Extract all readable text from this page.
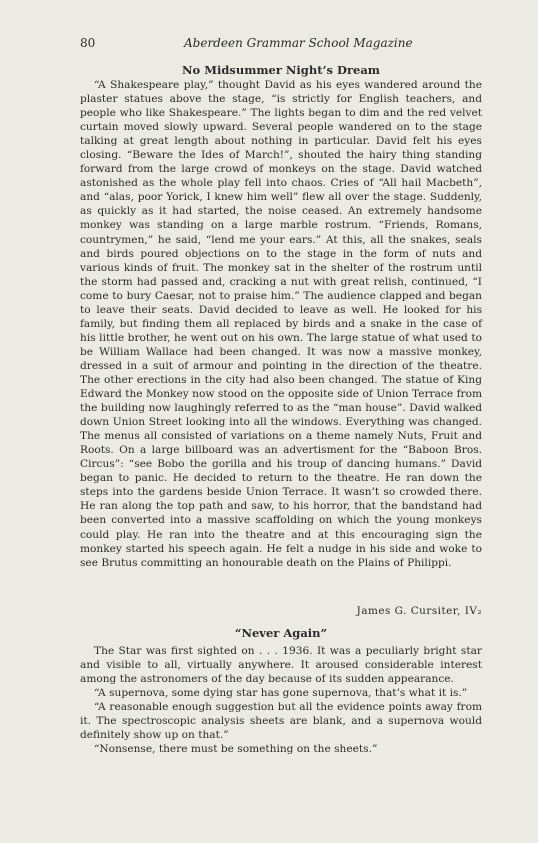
80	Aberdeen Grammar School Magazine
No Midsummer Night’s Dream

“A Shakespeare play,” thought David as his eyes wandered around the plaster statues above the stage, “is strictly for English teachers, and people who like Shakespeare.” The lights began to dim and the red velvet curtain moved slowly upward. Several people wandered on to the stage talking at great length about nothing in particular. David felt his eyes closing. “Beware the Ides of March!”, shouted the hairy thing standing forward from the large crowd of monkeys on the stage. David watched astonished as the whole play fell into chaos. Cries of “All hail Macbeth”, and “alas, poor Yorick, I knew him well” flew all over the stage. Suddenly, as quickly as it had started, the noise ceased. An extremely handsome monkey was standing on a large marble rostrum. “Friends, Romans, countrymen,” he said, “lend me your ears.” At this, all the snakes, seals and birds poured objections on to the stage in the form of nuts and various kinds of fruit. The monkey sat in the shelter of the rostrum until the storm had passed and, cracking a nut with great relish, continued, “I come to bury Caesar, not to praise him.” The audience clapped and began to leave their seats. David decided to leave as well. He looked for his family, but finding them all replaced by birds and a snake in the case of his little brother, he went out on his own. The large statue of what used to be William Wallace had been changed. It was now a massive monkey, dressed in a suit of armour and pointing in the direction of the theatre. The other erections in the city had also been changed. The statue of King Edward the Monkey now stood on the opposite side of Union Terrace from the building now laughingly referred to as the “man house”. David walked down Union Street looking into all the windows. Everything was changed. The menus all consisted of variations on a theme namely Nuts, Fruit and Roots. On a large billboard was an advertisment for the “Baboon Bros. Circus”: “see Bobo the gorilla and his troup of dancing humans.” David began to panic. He decided to return to the theatre. He ran down the steps into the gardens beside Union Terrace. It wasn’t so crowded there. He ran along the top path and saw, to his horror, that the bandstand had been converted into a massive scaffolding on which the young monkeys could play. He ran into the theatre and at this encouraging sign the monkey started his speech again. He felt a nudge in his side and woke to see Brutus committing an honourable death on the Plains of Philippi.

James G. Cursiter, IV₂
“Never Again”

The Star was first sighted on . . . 1936. It was a peculiarly bright star and visible to all, virtually anywhere. It aroused considerable interest among the astronomers of the day because of its sudden appearance.

“A supernova, some dying star has gone supernova, that’s what it is.”

“A reasonable enough suggestion but all the evidence points away from it. The spectroscopic analysis sheets are blank, and a supernova would definitely show up on that.”

“Nonsense, there must be something on the sheets.”
